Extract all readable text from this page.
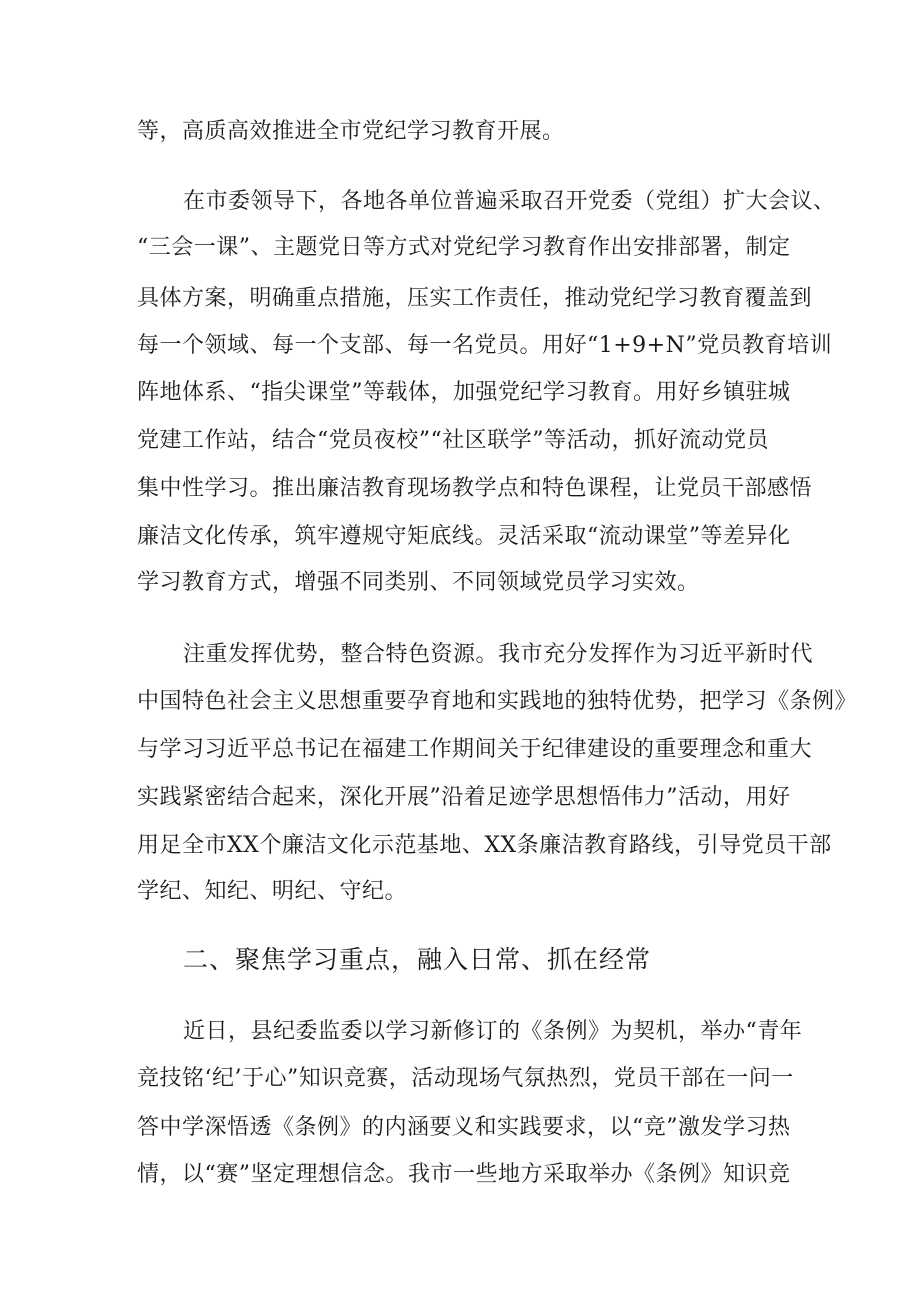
等，高质高效推进全市党纪学习教育开展。
在市委领导下，各地各单位普遍采取召开党委（党组）扩大会议、
“三会一课”、主题党日等方式对党纪学习教育作出安排部署，制定
具体方案，明确重点措施，压实工作责任，推动党纪学习教育覆盖到
每一个领域、每一个支部、每一名党员。用好“1+9+N”党员教育培训
阵地体系、“指尖课堂”等载体，加强党纪学习教育。用好乡镇驻城
党建工作站，结合“党员夜校”“社区联学”等活动，抓好流动党员
集中性学习。推出廉洁教育现场教学点和特色课程，让党员干部感悟
廉洁文化传承，筑牢遵规守矩底线。灵活采取“流动课堂”等差异化
学习教育方式，增强不同类别、不同领域党员学习实效。
注重发挥优势，整合特色资源。我市充分发挥作为习近平新时代
中国特色社会主义思想重要孕育地和实践地的独特优势，把学习《条例》
与学习习近平总书记在福建工作期间关于纪律建设的重要理念和重大
实践紧密结合起来，深化开展”沿着足迹学思想悟伟力”活动，用好
用足全市XX个廉洁文化示范基地、XX条廉洁教育路线，引导党员干部
学纪、知纪、明纪、守纪。
二、聚焦学习重点，融入日常、抓在经常
近日，县纪委监委以学习新修订的《条例》为契机，举办“青年
竞技铭‘纪’于心”知识竞赛，活动现场气氛热烈，党员干部在一问一
答中学深悟透《条例》的内涵要义和实践要求，以“竞”激发学习热
情，以“赛”坚定理想信念。我市一些地方采取举办《条例》知识竞
